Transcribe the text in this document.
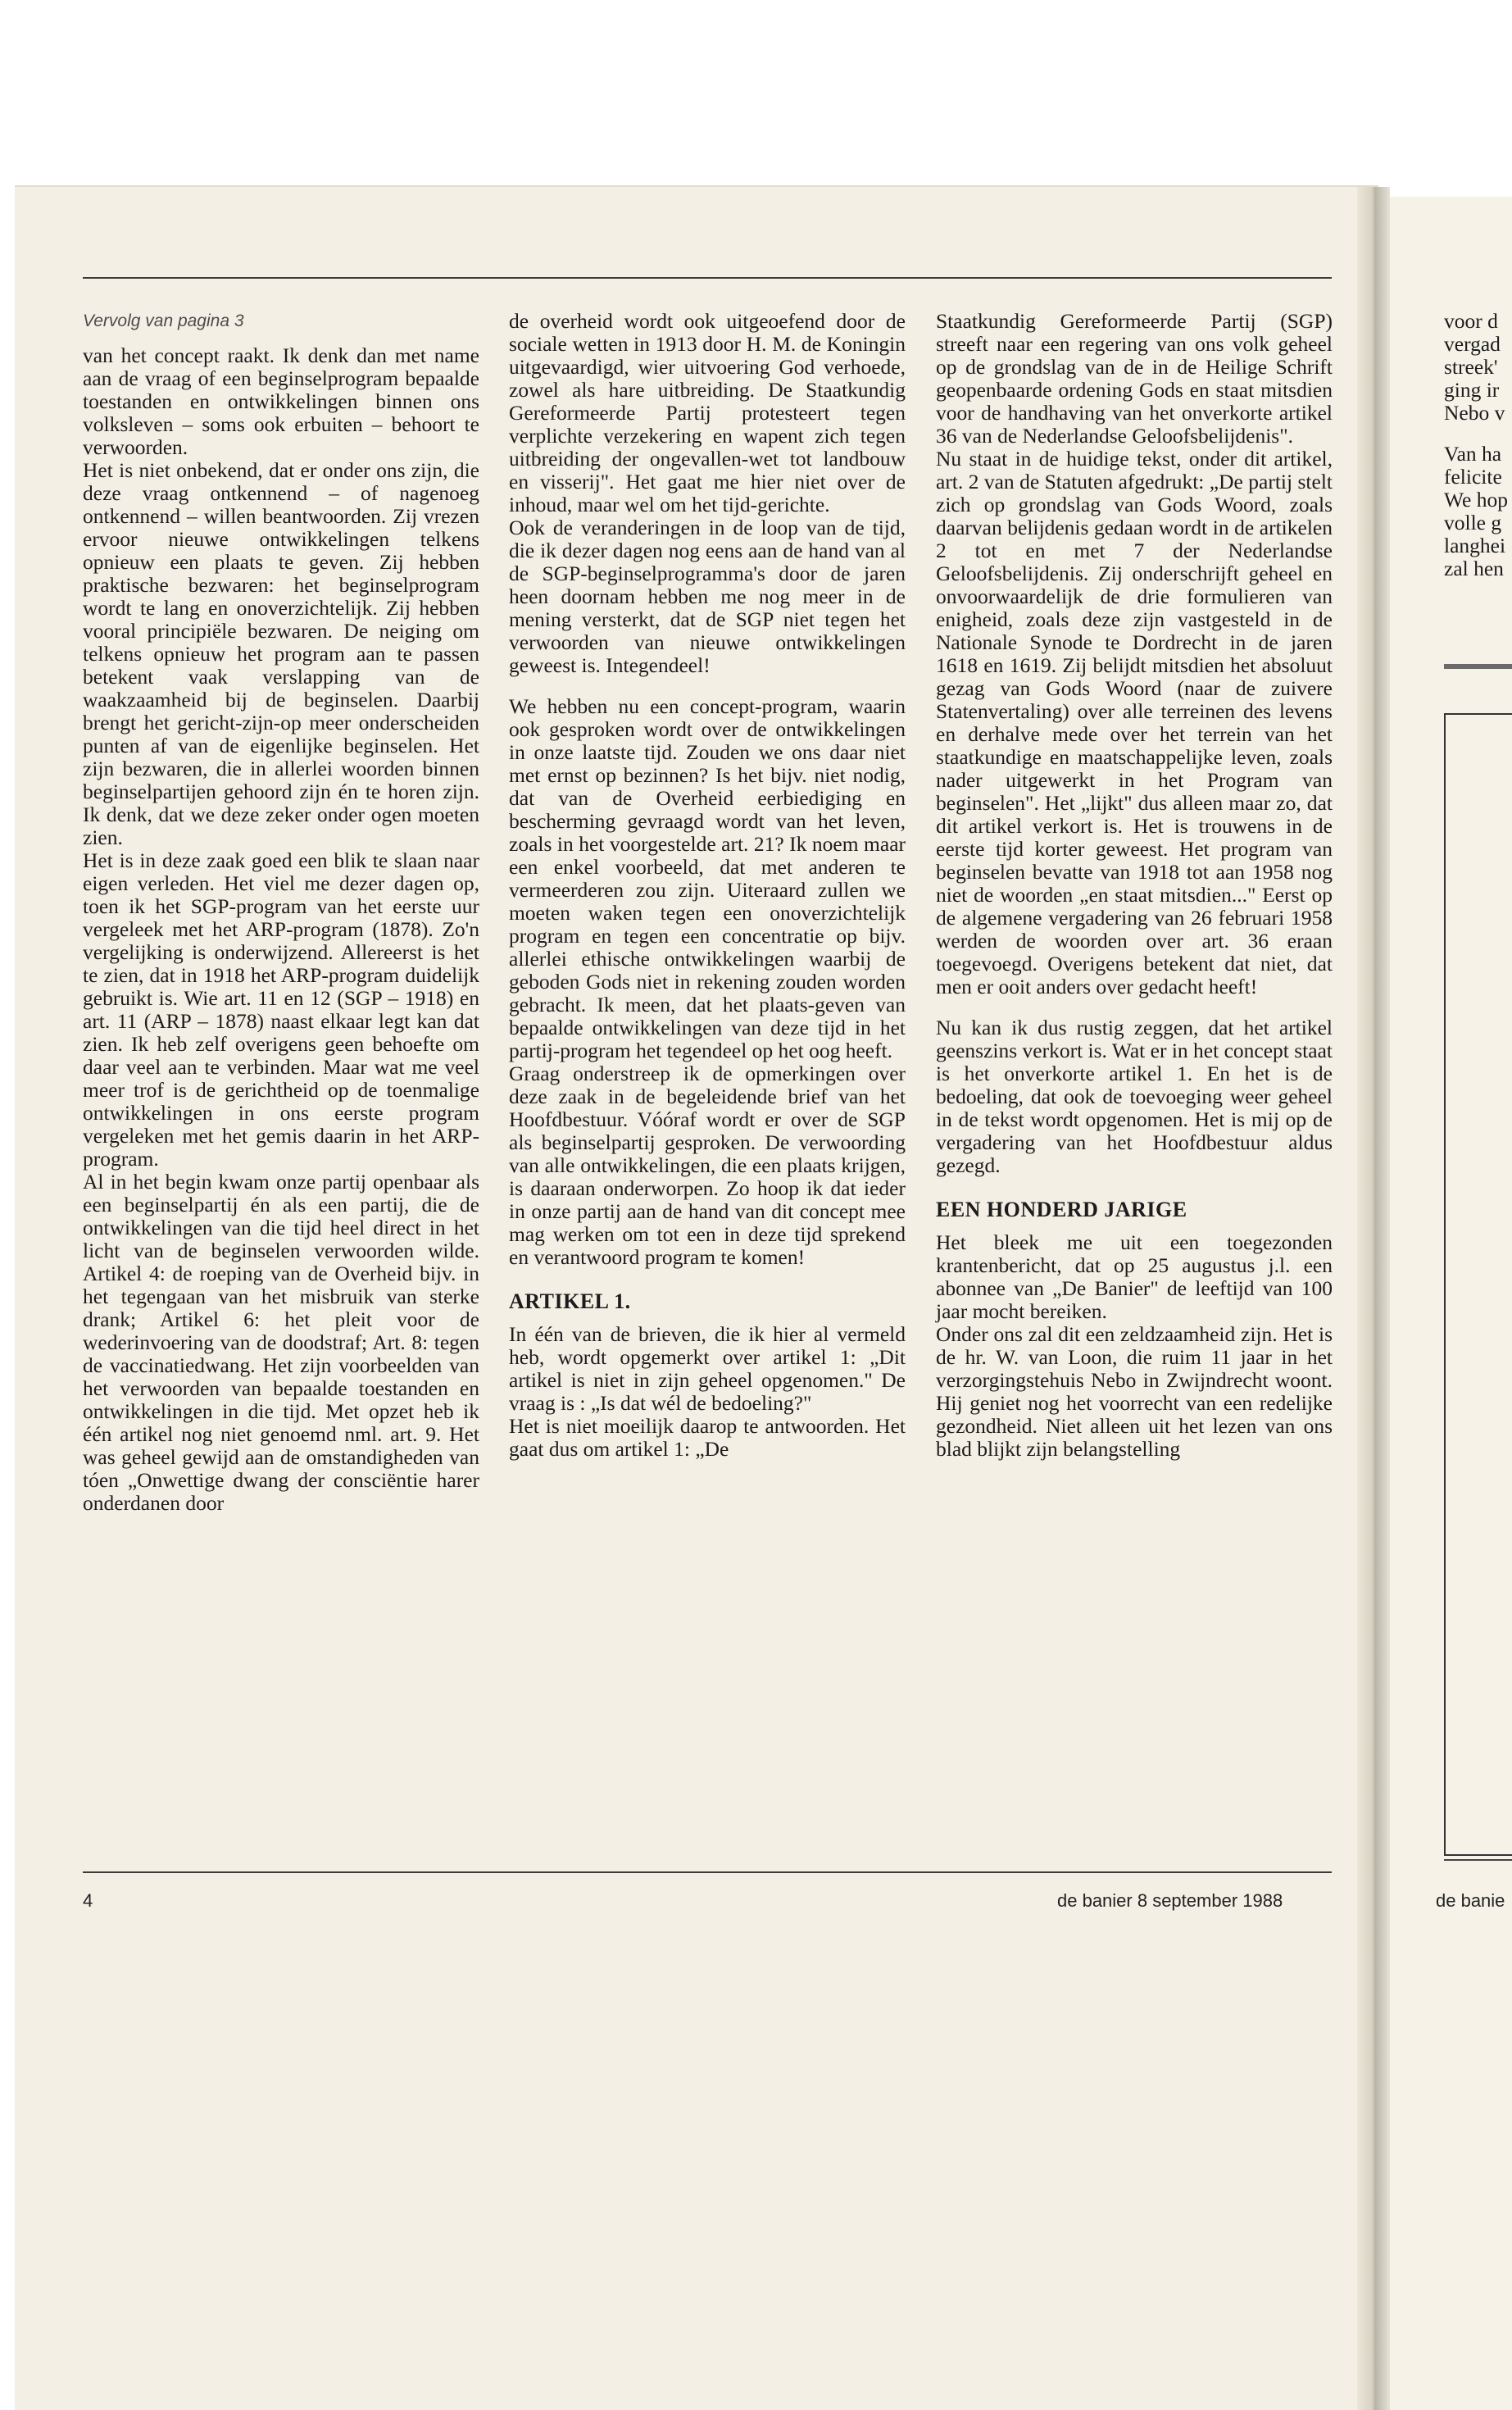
Vervolg van pagina 3

van het concept raakt. Ik denk dan met name aan de vraag of een beginselprogram bepaalde toestanden en ontwikkelingen binnen ons volksleven – soms ook erbuiten – behoort te verwoorden.

Het is niet onbekend, dat er onder ons zijn, die deze vraag ontkennend – of nagenoeg ontkennend – willen beantwoorden. Zij vrezen ervoor nieuwe ontwikkelingen telkens opnieuw een plaats te geven. Zij hebben praktische bezwaren: het beginselprogram wordt te lang en onoverzichtelijk. Zij hebben vooral principiële bezwaren. De neiging om telkens opnieuw het program aan te passen betekent vaak verslapping van de waakzaamheid bij de beginselen. Daarbij brengt het gericht-zijn-op meer onderscheiden punten af van de eigenlijke beginselen. Het zijn bezwaren, die in allerlei woorden binnen beginselpartijen gehoord zijn én te horen zijn. Ik denk, dat we deze zeker onder ogen moeten zien.

Het is in deze zaak goed een blik te slaan naar eigen verleden. Het viel me dezer dagen op, toen ik het SGP-program van het eerste uur vergeleek met het ARP-program (1878). Zo'n vergelijking is onderwijzend. Allereerst is het te zien, dat in 1918 het ARP-program duidelijk gebruikt is. Wie art. 11 en 12 (SGP – 1918) en art. 11 (ARP – 1878) naast elkaar legt kan dat zien. Ik heb zelf overigens geen behoefte om daar veel aan te verbinden. Maar wat me veel meer trof is de gerichtheid op de toenmalige ontwikkelingen in ons eerste program vergeleken met het gemis daarin in het ARP-program.

Al in het begin kwam onze partij openbaar als een beginselpartij én als een partij, die de ontwikkelingen van die tijd heel direct in het licht van de beginselen verwoorden wilde. Artikel 4: de roeping van de Overheid bijv. in het tegengaan van het misbruik van sterke drank; Artikel 6: het pleit voor de wederinvoering van de doodstraf; Art. 8: tegen de vaccinatiedwang. Het zijn voorbeelden van het verwoorden van bepaalde toestanden en ontwikkelingen in die tijd. Met opzet heb ik één artikel nog niet genoemd nml. art. 9. Het was geheel gewijd aan de omstandigheden van tóen „Onwettige dwang der consciëntie harer onderdanen door

de overheid wordt ook uitgeoefend door de sociale wetten in 1913 door H. M. de Koningin uitgevaardigd, wier uitvoering God verhoede, zowel als hare uitbreiding. De Staatkundig Gereformeerde Partij protesteert tegen verplichte verzekering en wapent zich tegen uitbreiding der ongevallen-wet tot landbouw en visserij". Het gaat me hier niet over de inhoud, maar wel om het tijd-gerichte.

Ook de veranderingen in de loop van de tijd, die ik dezer dagen nog eens aan de hand van al de SGP-beginselprogramma's door de jaren heen doornam hebben me nog meer in de mening versterkt, dat de SGP niet tegen het verwoorden van nieuwe ontwikkelingen geweest is. Integendeel!

We hebben nu een concept-program, waarin ook gesproken wordt over de ontwikkelingen in onze laatste tijd. Zouden we ons daar niet met ernst op bezinnen? Is het bijv. niet nodig, dat van de Overheid eerbiediging en bescherming gevraagd wordt van het leven, zoals in het voorgestelde art. 21? Ik noem maar een enkel voorbeeld, dat met anderen te vermeerderen zou zijn. Uiteraard zullen we moeten waken tegen een onoverzichtelijk program en tegen een concentratie op bijv. allerlei ethische ontwikkelingen waarbij de geboden Gods niet in rekening zouden worden gebracht. Ik meen, dat het plaats-geven van bepaalde ontwikkelingen van deze tijd in het partij-program het tegendeel op het oog heeft.

Graag onderstreep ik de opmerkingen over deze zaak in de begeleidende brief van het Hoofdbestuur. Vóóraf wordt er over de SGP als beginselpartij gesproken. De verwoording van alle ontwikkelingen, die een plaats krijgen, is daaraan onderworpen. Zo hoop ik dat ieder in onze partij aan de hand van dit concept mee mag werken om tot een in deze tijd sprekend en verantwoord program te komen!

ARTIKEL 1.

In één van de brieven, die ik hier al vermeld heb, wordt opgemerkt over artikel 1: „Dit artikel is niet in zijn geheel opgenomen." De vraag is : „Is dat wél de bedoeling?"

Het is niet moeilijk daarop te antwoorden. Het gaat dus om artikel 1: „De

Staatkundig Gereformeerde Partij (SGP) streeft naar een regering van ons volk geheel op de grondslag van de in de Heilige Schrift geopenbaarde ordening Gods en staat mitsdien voor de handhaving van het onverkorte artikel 36 van de Nederlandse Geloofsbelijdenis".

Nu staat in de huidige tekst, onder dit artikel, art. 2 van de Statuten afgedrukt: „De partij stelt zich op grondslag van Gods Woord, zoals daarvan belijdenis gedaan wordt in de artikelen 2 tot en met 7 der Nederlandse Geloofsbelijdenis. Zij onderschrijft geheel en onvoorwaardelijk de drie formulieren van enigheid, zoals deze zijn vastgesteld in de Nationale Synode te Dordrecht in de jaren 1618 en 1619. Zij belijdt mitsdien het absoluut gezag van Gods Woord (naar de zuivere Statenvertaling) over alle terreinen des levens en derhalve mede over het terrein van het staatkundige en maatschappelijke leven, zoals nader uitgewerkt in het Program van beginselen". Het „lijkt" dus alleen maar zo, dat dit artikel verkort is. Het is trouwens in de eerste tijd korter geweest. Het program van beginselen bevatte van 1918 tot aan 1958 nog niet de woorden „en staat mitsdien..." Eerst op de algemene vergadering van 26 februari 1958 werden de woorden over art. 36 eraan toegevoegd. Overigens betekent dat niet, dat men er ooit anders over gedacht heeft!

Nu kan ik dus rustig zeggen, dat het artikel geenszins verkort is. Wat er in het concept staat is het onverkorte artikel 1. En het is de bedoeling, dat ook de toevoeging weer geheel in de tekst wordt opgenomen. Het is mij op de vergadering van het Hoofdbestuur aldus gezegd.

EEN HONDERD JARIGE

Het bleek me uit een toegezonden krantenbericht, dat op 25 augustus j.l. een abonnee van „De Banier" de leeftijd van 100 jaar mocht bereiken.

Onder ons zal dit een zeldzaamheid zijn. Het is de hr. W. van Loon, die ruim 11 jaar in het verzorgingstehuis Nebo in Zwijndrecht woont. Hij geniet nog het voorrecht van een redelijke gezondheid. Niet alleen uit het lezen van ons blad blijkt zijn belangstelling

4	de banier 8 september 1988

voor d

vergad

streek'

ging ir

Nebo v

Van ha

felicite

We hop

volle g

langhei

zal hen

de banie
